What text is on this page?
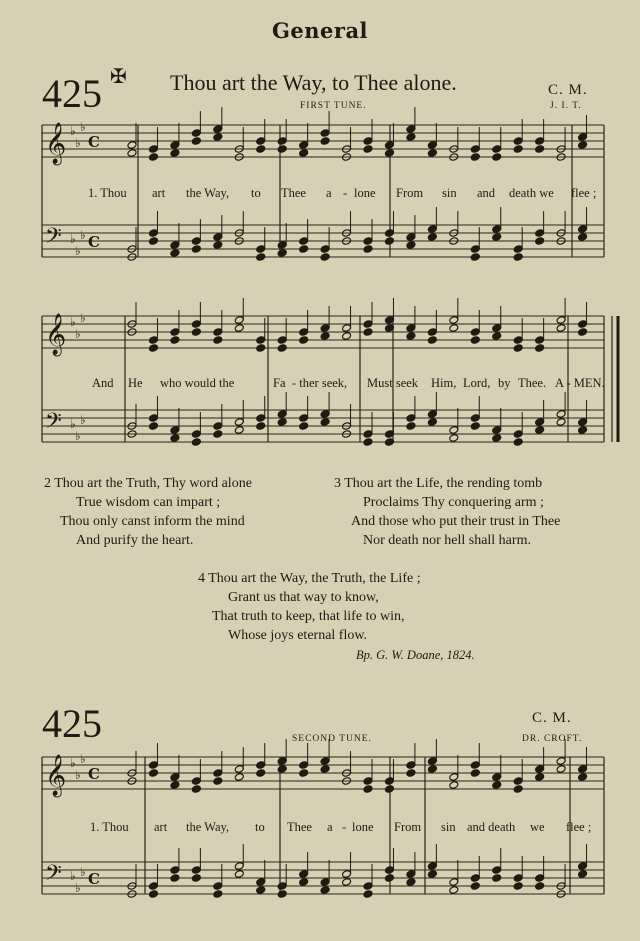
𝄞 ♭
♭
♭
C
𝄢 ♭
♭
♭ C
𝄞 ♭
♭
♭
𝄢 ♭
♭
♭
𝄞 ♭
♭
♭
C
𝄢 ♭
♭
♭ C
General
425 ✠ Thou art the Way, to Thee alone.	C. M.
FIRST TUNE.	J. I. T.
1. Thou art the Way, to Thee a - lone From sin and death we flee ;
And He who would the	Fa - ther seek, Must seek Him, Lord, by Thee. A - MEN.
2 Thou art the Truth, Thy word alone
True wisdom can impart ;
Thou only canst inform the mind
And purify the heart.
3 Thou art the Life, the rending tomb
Proclaims Thy conquering arm ;
And those who put their trust in Thee
Nor death nor hell shall harm.
4 Thou art the Way, the Truth, the Life ;
Grant us that way to know,
That truth to keep, that life to win,
Whose joys eternal flow.
Bp. G. W. Doane, 1824.
425	C. M.
SECOND TUNE.	DR. CROFT.
1. Thou art the Way, to Thee a - lone From sin and death we flee ;
